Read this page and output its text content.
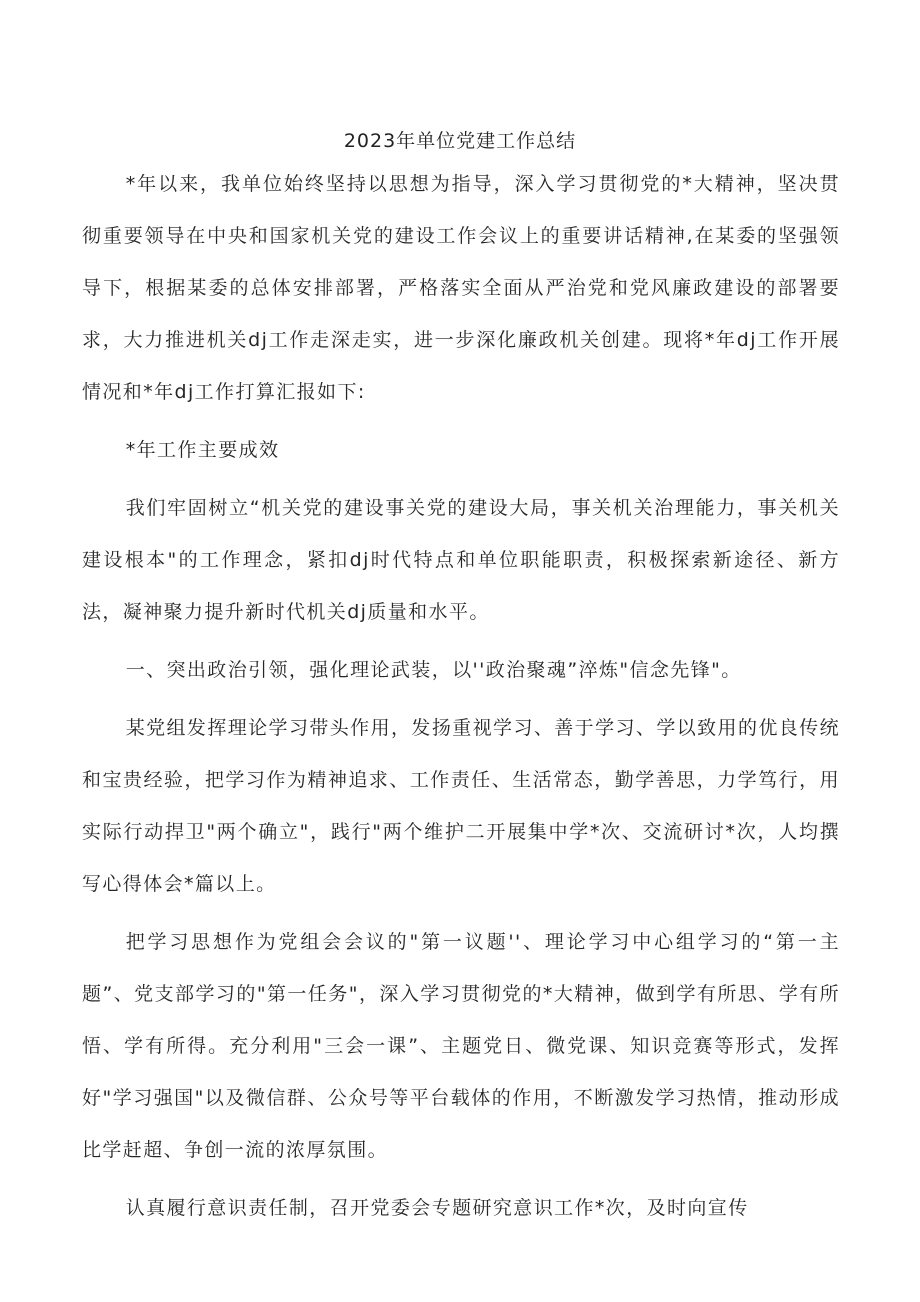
2023年单位党建工作总结

*年以来，我单位始终坚持以思想为指导，深入学习贯彻党的*大精神，坚决贯彻重要领导在中央和国家机关党的建设工作会议上的重要讲话精神,在某委的坚强领导下，根据某委的总体安排部署，严格落实全面从严治党和党风廉政建设的部署要求，大力推进机关dj工作走深走实，进一步深化廉政机关创建。现将*年dj工作开展情况和*年dj工作打算汇报如下:

*年工作主要成效

我们牢固树立“机关党的建设事关党的建设大局，事关机关治理能力，事关机关建设根本"的工作理念，紧扣dj时代特点和单位职能职责，积极探索新途径、新方法，凝神聚力提升新时代机关dj质量和水平。

一、突出政治引领，强化理论武装，以''政治聚魂”淬炼"信念先锋"。

某党组发挥理论学习带头作用，发扬重视学习、善于学习、学以致用的优良传统和宝贵经验，把学习作为精神追求、工作责任、生活常态，勤学善思，力学笃行，用实际行动捍卫"两个确立"，践行"两个维护二开展集中学*次、交流研讨*次，人均撰写心得体会*篇以上。

把学习思想作为党组会会议的"第一议题''、理论学习中心组学习的“第一主题”、党支部学习的"第一任务"，深入学习贯彻党的*大精神，做到学有所思、学有所悟、学有所得。充分利用"三会一课”、主题党日、微党课、知识竞赛等形式，发挥好"学习强国"以及微信群、公众号等平台载体的作用，不断激发学习热情，推动形成比学赶超、争创一流的浓厚氛围。

认真履行意识责任制，召开党委会专题研究意识工作*次，及时向宣传
